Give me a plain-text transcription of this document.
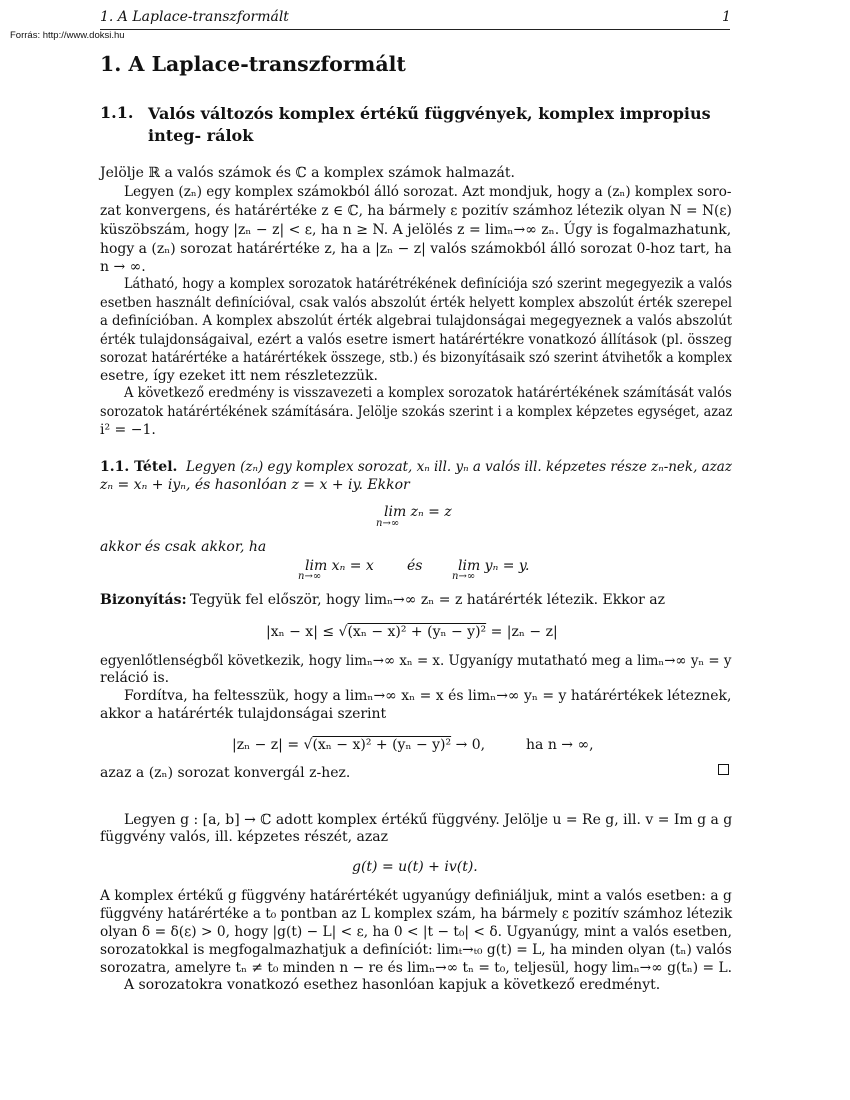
1. A Laplace-transzformált	1
Forrás: http://www.doksi.hu
1. A Laplace-transzformált
1.1. Valós változós komplex értékű függvények, komplex impropius integ- rálok
Jelölje ℝ a valós számok és ℂ a komplex számok halmazát.
Legyen (zₙ) egy komplex számokból álló sorozat. Azt mondjuk, hogy a (zₙ) komplex soro-
zat konvergens, és határértéke z ∈ ℂ, ha bármely ε pozitív számhoz létezik olyan N = N(ε)
küszöbszám, hogy |zₙ − z| < ε, ha n ≥ N. A jelölés z = limₙ→∞ zₙ. Úgy is fogalmazhatunk,
hogy a (zₙ) sorozat határértéke z, ha a |zₙ − z| valós számokból álló sorozat 0-hoz tart, ha
n → ∞.
Látható, hogy a komplex sorozatok határétrékének definíciója szó szerint megegyezik a valós
esetben használt definícióval, csak valós abszolút érték helyett komplex abszolút érték szerepel
a definícióban. A komplex abszolút érték algebrai tulajdonságai megegyeznek a valós abszolút
érték tulajdonságaival, ezért a valós esetre ismert határértékre vonatkozó állítások (pl. összeg
sorozat határértéke a határértékek összege, stb.) és bizonyításaik szó szerint átvihetők a komplex
esetre, így ezeket itt nem részletezzük.
A következő eredmény is visszavezeti a komplex sorozatok határértékének számítását valós
sorozatok határértékének számítására. Jelölje szokás szerint i a komplex képzetes egységet, azaz
i² = −1.
1.1. Tétel. Legyen (zₙ) egy komplex sorozat, xₙ ill. yₙ a valós ill. képzetes része zₙ-nek, azaz
zₙ = xₙ + iyₙ, és hasonlóan z = x + iy. Ekkor
lim zₙ = z
n→∞
akkor és csak akkor, ha
lim xₙ = x
n→∞
és	lim yₙ = y.
n→∞
Bizonyítás: Tegyük fel először, hogy limₙ→∞ zₙ = z határérték létezik. Ekkor az
|xₙ − x| ≤ √(xₙ − x)² + (yₙ − y)² = |zₙ − z|
egyenlőtlenségből következik, hogy limₙ→∞ xₙ = x. Ugyanígy mutatható meg a limₙ→∞ yₙ = y
reláció is.
Fordítva, ha feltesszük, hogy a limₙ→∞ xₙ = x és limₙ→∞ yₙ = y határértékek léteznek,
akkor a határérték tulajdonságai szerint
|zₙ − z| = √(xₙ − x)² + (yₙ − y)² → 0,	ha n → ∞,
azaz a (zₙ) sorozat konvergál z-hez.
Legyen g : [a, b] → ℂ adott komplex értékű függvény. Jelölje u = Re g, ill. v = Im g a g
függvény valós, ill. képzetes részét, azaz
g(t) = u(t) + iv(t).
A komplex értékű g függvény határértékét ugyanúgy definiáljuk, mint a valós esetben: a g
függvény határértéke a t₀ pontban az L komplex szám, ha bármely ε pozitív számhoz létezik
olyan δ = δ(ε) > 0, hogy |g(t) − L| < ε, ha 0 < |t − t₀| < δ. Ugyanúgy, mint a valós esetben,
sorozatokkal is megfogalmazhatjuk a definíciót: limₜ→ₜ₀ g(t) = L, ha minden olyan (tₙ) valós
sorozatra, amelyre tₙ ≠ t₀ minden n − re és limₙ→∞ tₙ = t₀, teljesül, hogy limₙ→∞ g(tₙ) = L.
A sorozatokra vonatkozó esethez hasonlóan kapjuk a következő eredményt.
